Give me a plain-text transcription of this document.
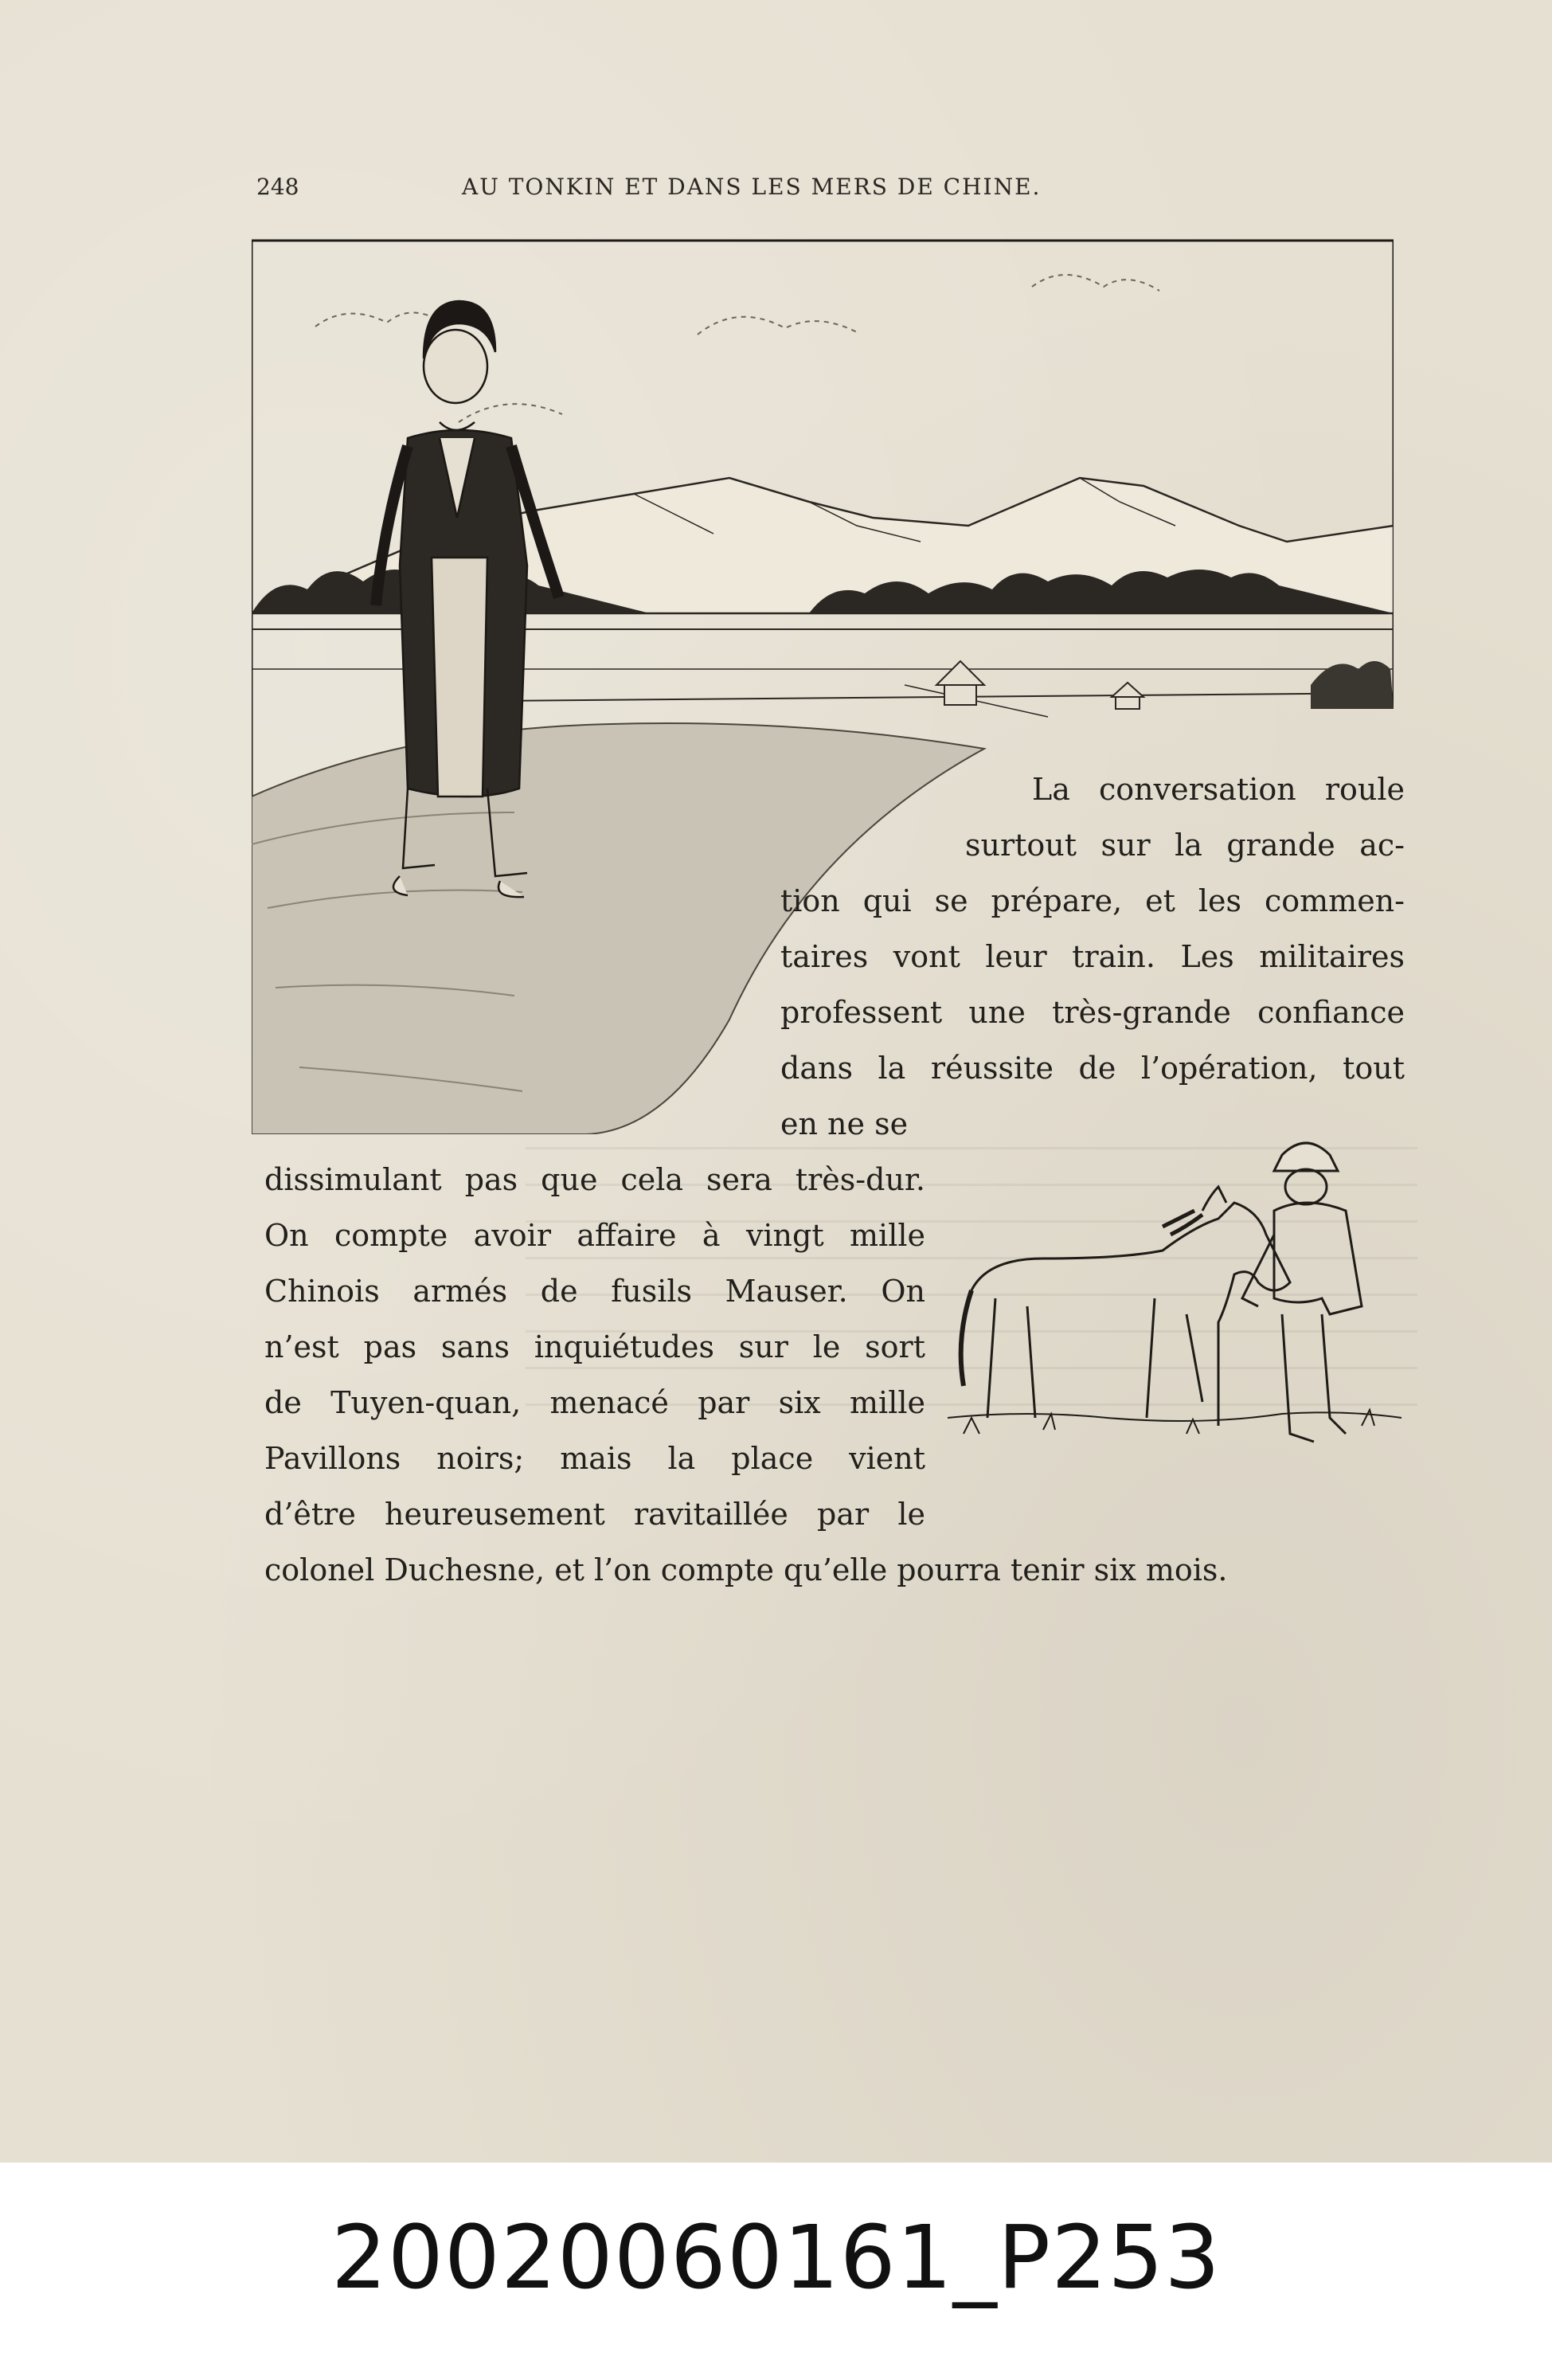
248	AU TONKIN ET DANS LES MERS DE CHINE.
La conversation roule
surtout sur la grande ac-
tion qui se prépare, et les commen-
taires vont leur train. Les militaires
professent une très-grande confiance
dans la réussite de l’opération, tout
en ne se
dissimulant pas que cela sera très-dur.
On compte avoir affaire à vingt mille
Chinois armés de fusils Mauser. On
n’est pas sans inquiétudes sur le sort
de Tuyen-quan, menacé par six mille
Pavillons noirs; mais la place vient
d’être heureusement ravitaillée par le
colonel Duchesne, et l’on compte qu’elle pourra tenir six mois.
20020060161_P253
